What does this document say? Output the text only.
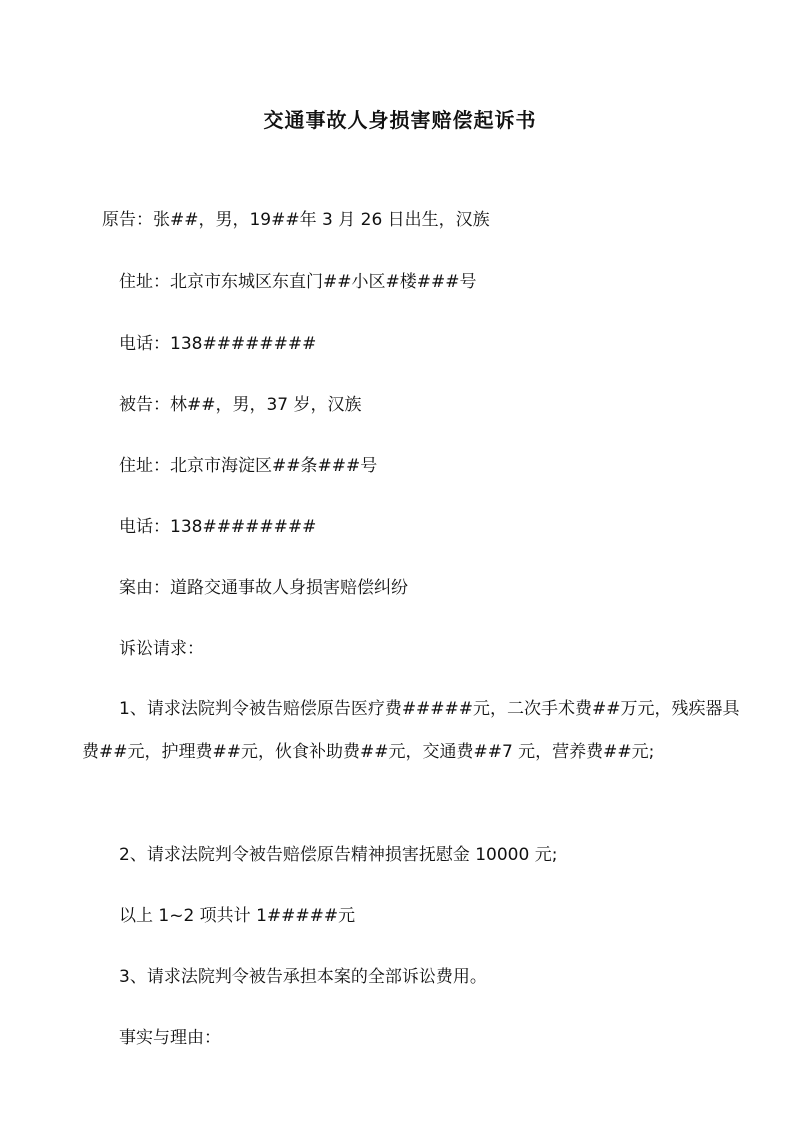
交通事故人身损害赔偿起诉书
原告：张##，男，19##年 3 月 26 日出生，汉族
住址：北京市东城区东直门##小区#楼###号
电话：138########
被告：林##，男，37 岁，汉族
住址：北京市海淀区##条###号
电话：138########
案由：道路交通事故人身损害赔偿纠纷
诉讼请求：
1、请求法院判令被告赔偿原告医疗费#####元，二次手术费##万元，残疾器具费##元，护理费##元，伙食补助费##元，交通费##7 元，营养费##元;
2、请求法院判令被告赔偿原告精神损害抚慰金 10000 元;
以上 1~2 项共计 1#####元
3、请求法院判令被告承担本案的全部诉讼费用。
事实与理由：
